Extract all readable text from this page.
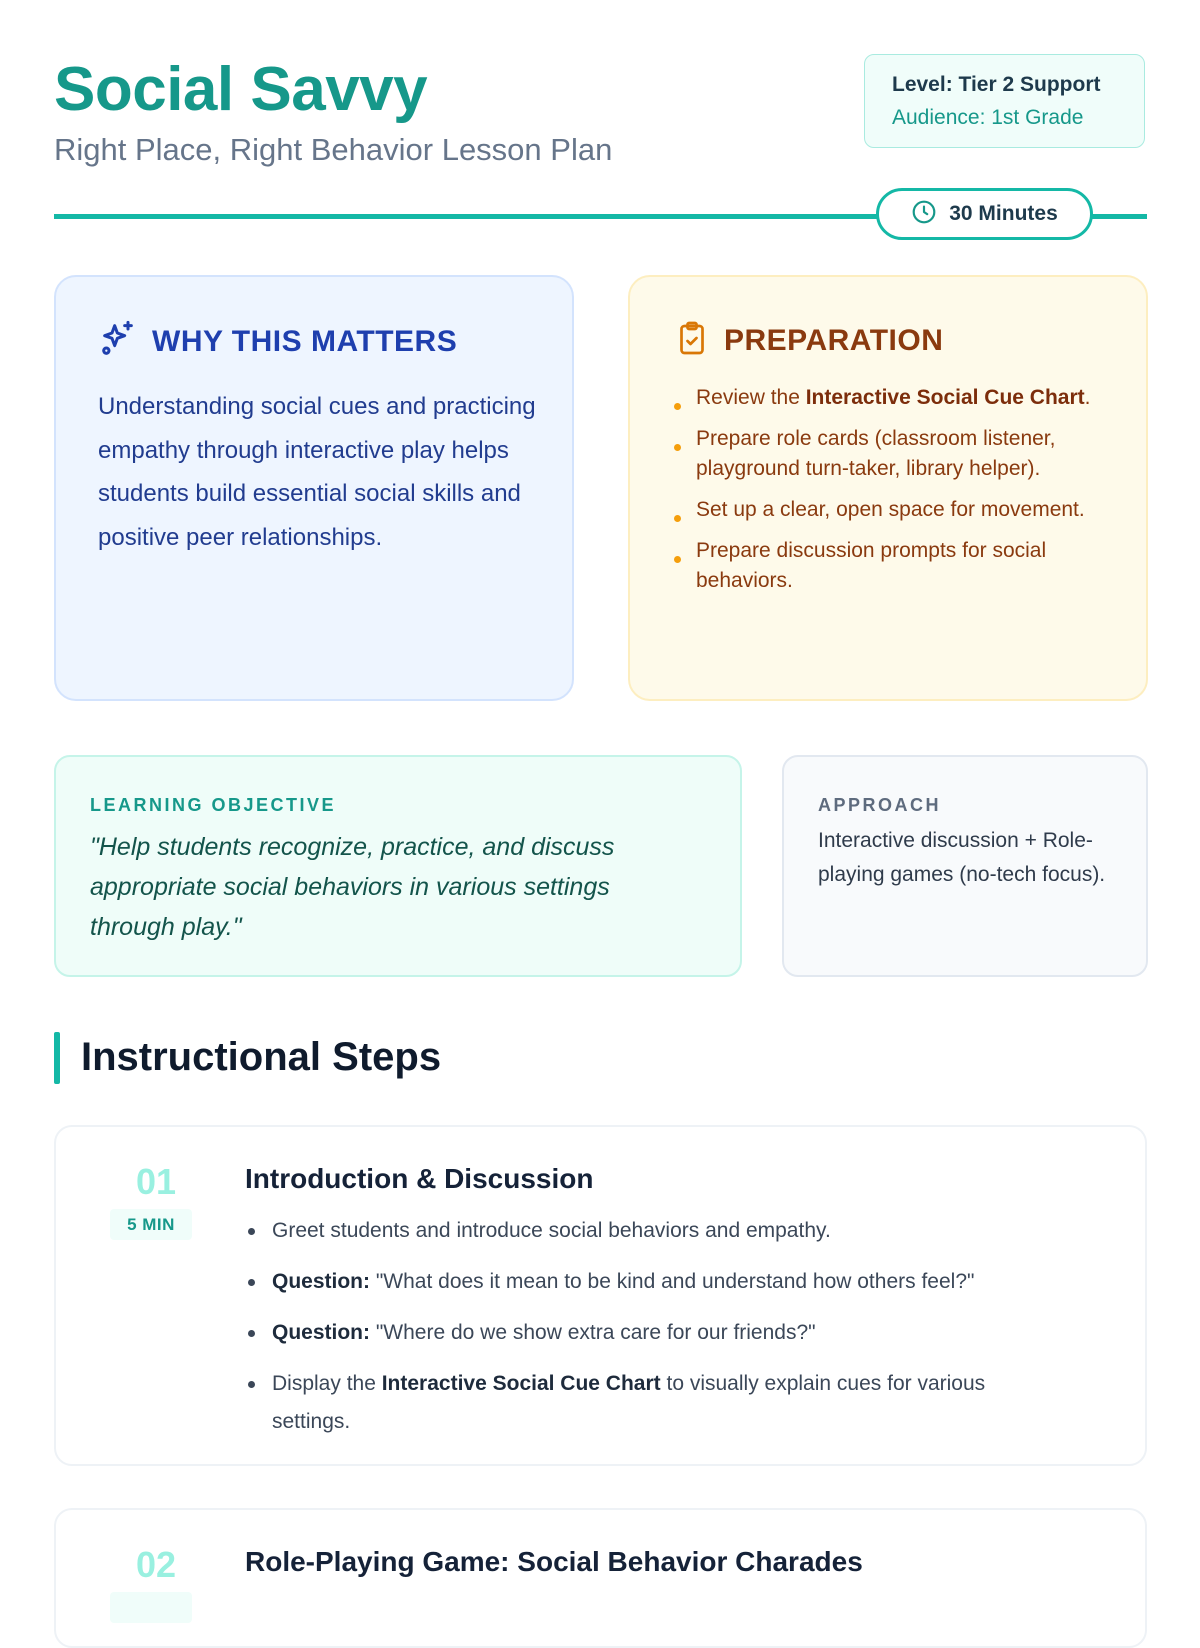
Social Savvy
Right Place, Right Behavior Lesson Plan
Level: Tier 2 Support
Audience: 1st Grade
30 Minutes
WHY THIS MATTERS
Understanding social cues and practicing empathy through interactive play helps students build essential social skills and positive peer relationships.
PREPARATION
Review the Interactive Social Cue Chart.
Prepare role cards (classroom listener, playground turn-taker, library helper).
Set up a clear, open space for movement.
Prepare discussion prompts for social behaviors.
LEARNING OBJECTIVE
"Help students recognize, practice, and discuss appropriate social behaviors in various settings through play."
APPROACH
Interactive discussion + Role-playing games (no-tech focus).
Instructional Steps
01
5 MIN
Introduction & Discussion
Greet students and introduce social behaviors and empathy.
Question: "What does it mean to be kind and understand how others feel?"
Question: "Where do we show extra care for our friends?"
Display the Interactive Social Cue Chart to visually explain cues for various settings.
02	Role-Playing Game: Social Behavior Charades
